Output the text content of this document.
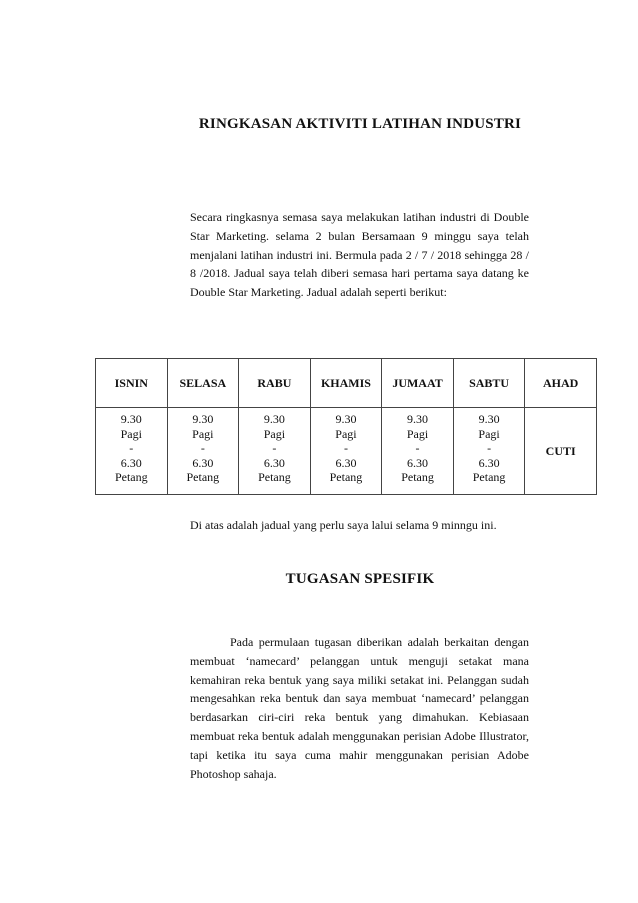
RINGKASAN AKTIVITI LATIHAN INDUSTRI
Secara ringkasnya semasa saya melakukan latihan industri di Double Star Marketing. selama 2 bulan Bersamaan 9 minggu saya telah menjalani latihan industri ini. Bermula pada 2 / 7 / 2018 sehingga 28 / 8 /2018. Jadual saya telah diberi semasa hari pertama saya datang ke Double Star Marketing. Jadual adalah seperti berikut:
ISNIN	SELASA	RABU	KHAMIS	JUMAAT	SABTU	AHAD

9.30
Pagi
-
6.30
Petang	9.30
Pagi
-
6.30
Petang	9.30
Pagi
-
6.30
Petang	9.30
Pagi
-
6.30
Petang	9.30
Pagi
-
6.30
Petang	9.30
Pagi
-
6.30
Petang	CUTI
Di atas adalah jadual yang perlu saya lalui selama 9 minngu ini.
TUGASAN SPESIFIK
Pada permulaan tugasan diberikan adalah berkaitan dengan membuat ‘namecard’ pelanggan untuk menguji setakat mana kemahiran reka bentuk yang saya miliki setakat ini. Pelanggan sudah mengesahkan reka bentuk dan saya membuat ‘namecard’ pelanggan berdasarkan ciri-ciri reka bentuk yang dimahukan. Kebiasaan membuat reka bentuk adalah menggunakan perisian Adobe Illustrator, tapi ketika itu saya cuma mahir menggunakan perisian Adobe Photoshop sahaja.
